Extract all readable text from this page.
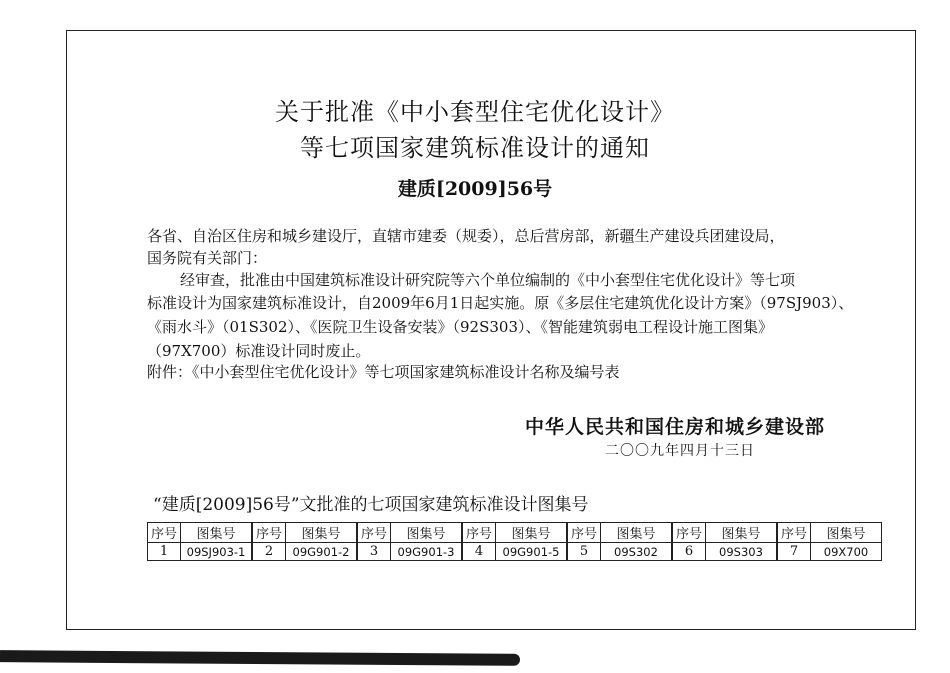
关于批准《中小套型住宅优化设计》
等七项国家建筑标准设计的通知
建质[2009]56号
各省、自治区住房和城乡建设厅，直辖市建委（规委），总后营房部，新疆生产建设兵团建设局，
国务院有关部门：
经审查，批准由中国建筑标准设计研究院等六个单位编制的《中小套型住宅优化设计》等七项
标准设计为国家建筑标准设计，自2009年6月1日起实施。原《多层住宅建筑优化设计方案》（97SJ903）、
《雨水斗》（01S302）、《医院卫生设备安装》（92S303）、《智能建筑弱电工程设计施工图集》
（97X700）标准设计同时废止。
附件：《中小套型住宅优化设计》等七项国家建筑标准设计名称及编号表
中华人民共和国住房和城乡建设部
二〇〇九年四月十三日
“建质[2009]56号”文批准的七项国家建筑标准设计图集号
序号	图集号	序号	图集号	序号	图集号	序号	图集号	序号	图集号	序号	图集号	序号	图集号
1	09SJ903-1	2	09G901-2	3	09G901-3	4	09G901-5	5	09S302	6	09S303	7	09X700
